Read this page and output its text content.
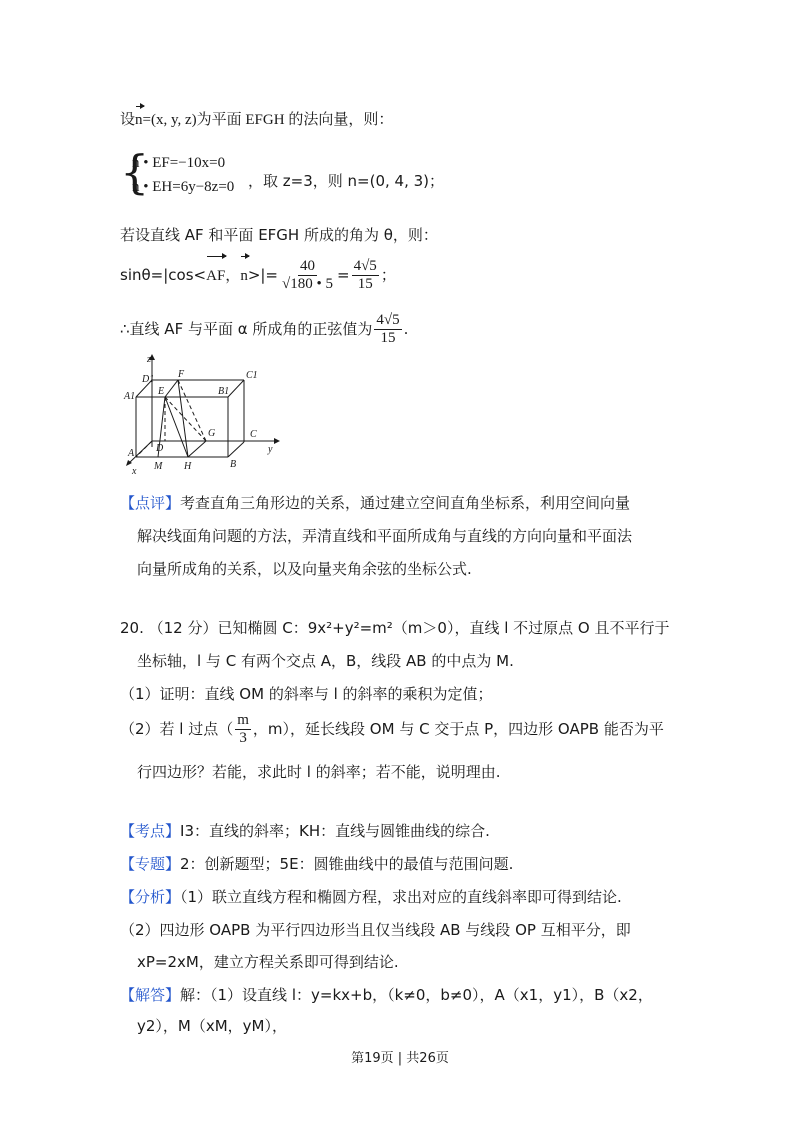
设n=(x, y, z)为平面 EFGH 的法向量，则：
{
n • EF=−10x=0
n • EH=6y−8z=0 ，取 z=3，则 n=(0, 4, 3)；
若设直线 AF 和平面 EFGH 所成的角为 θ，则：
sinθ=|cos<AF，$n>|= \frac{40}{√180 • 5} = \frac{4√5}{15}$ ；
∴直线 AF 与平面 α 所成角的正弦值为 $\frac{4√5}{15}$ .
z
D1 F	C1
A1 E	B1
G	C
y
D
A
x M H	B
【点评】考查直角三角形边的关系，通过建立空间直角坐标系，利用空间向量
解决线面角问题的方法，弄清直线和平面所成角与直线的方向向量和平面法
向量所成角的关系，以及向量夹角余弦的坐标公式.
20. （12 分）已知椭圆 C：9x²+y²=m²（m＞0），直线 l 不过原点 O 且不平行于
坐标轴，l 与 C 有两个交点 A，B，线段 AB 的中点为 M.
（1）证明：直线 OM 的斜率与 l 的斜率的乘积为定值；
（2）若 l 过点（ $\frac{m}{3}$ ，m），延长线段 OM 与 C 交于点 P，四边形 OAPB 能否为平
行四边形？若能，求此时 l 的斜率；若不能，说明理由.
【考点】I3：直线的斜率；KH：直线与圆锥曲线的综合.
【专题】2：创新题型；5E：圆锥曲线中的最值与范围问题.
【分析】（1）联立直线方程和椭圆方程，求出对应的直线斜率即可得到结论.
（2）四边形 OAPB 为平行四边形当且仅当线段 AB 与线段 OP 互相平分，即
xP=2xM，建立方程关系即可得到结论.
【解答】解：（1）设直线 l：y=kx+b，（k≠0，b≠0），A（x1，y1），B（x2，
y2），M（xM，yM），
第19页 | 共26页
